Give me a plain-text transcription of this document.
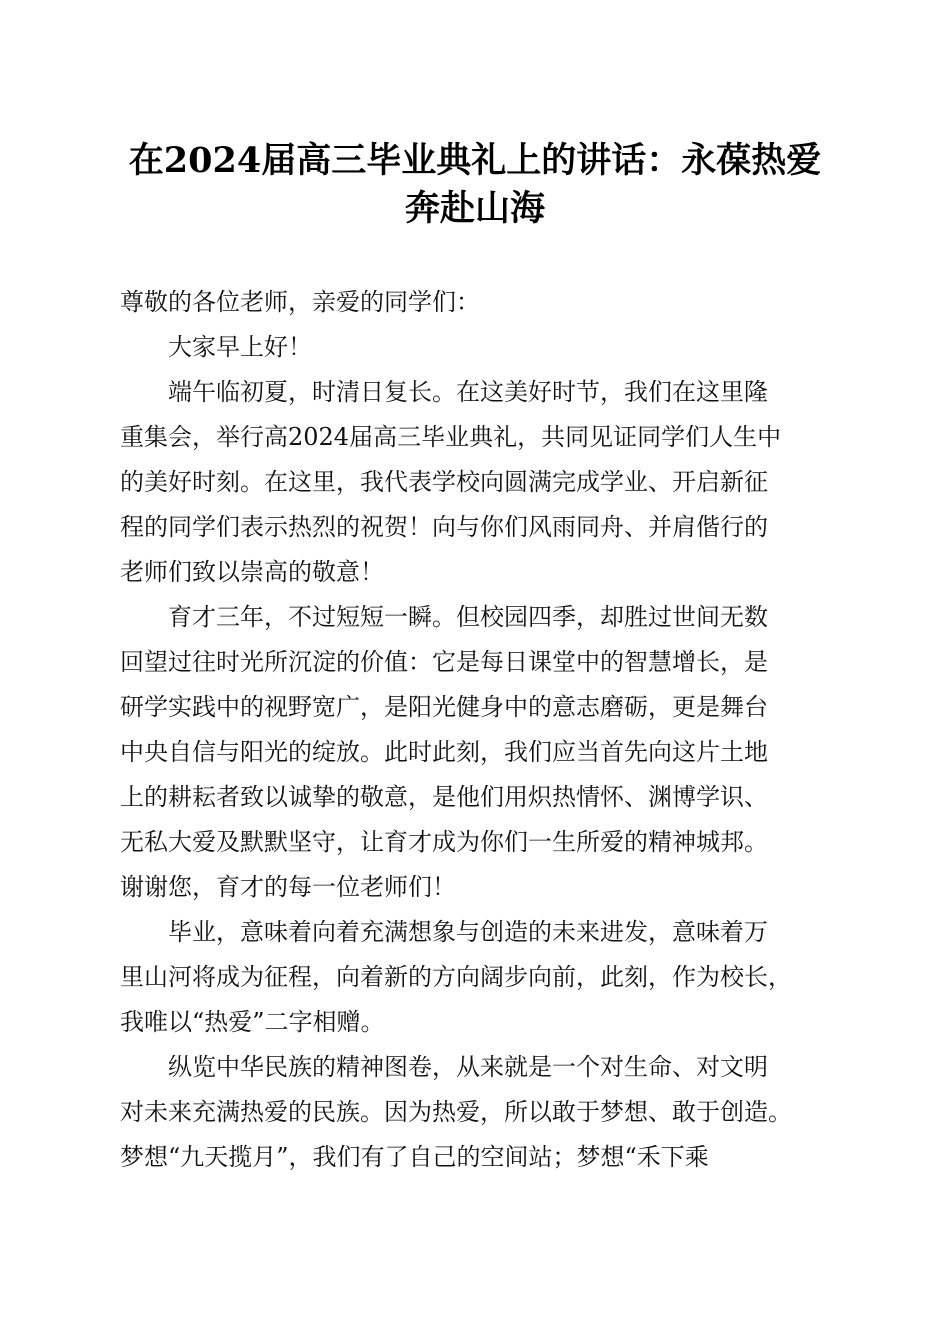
在2024届高三毕业典礼上的讲话：永葆热爱
奔赴山海
尊敬的各位老师，亲爱的同学们：
大家早上好！
端午临初夏，时清日复长。在这美好时节，我们在这里隆
重集会，举行高2024届高三毕业典礼，共同见证同学们人生中
的美好时刻。在这里，我代表学校向圆满完成学业、开启新征
程的同学们表示热烈的祝贺！向与你们风雨同舟、并肩偕行的
老师们致以崇高的敬意！
育才三年，不过短短一瞬。但校园四季，却胜过世间无数
回望过往时光所沉淀的价值：它是每日课堂中的智慧增长，是
研学实践中的视野宽广，是阳光健身中的意志磨砺，更是舞台
中央自信与阳光的绽放。此时此刻，我们应当首先向这片土地
上的耕耘者致以诚挚的敬意，是他们用炽热情怀、渊博学识、
无私大爱及默默坚守，让育才成为你们一生所爱的精神城邦。
谢谢您，育才的每一位老师们！
毕业，意味着向着充满想象与创造的未来进发，意味着万
里山河将成为征程，向着新的方向阔步向前，此刻，作为校长，
我唯以“热爱”二字相赠。
纵览中华民族的精神图卷，从来就是一个对生命、对文明
对未来充满热爱的民族。因为热爱，所以敢于梦想、敢于创造。
梦想“九天揽月”，我们有了自己的空间站；梦想“禾下乘
